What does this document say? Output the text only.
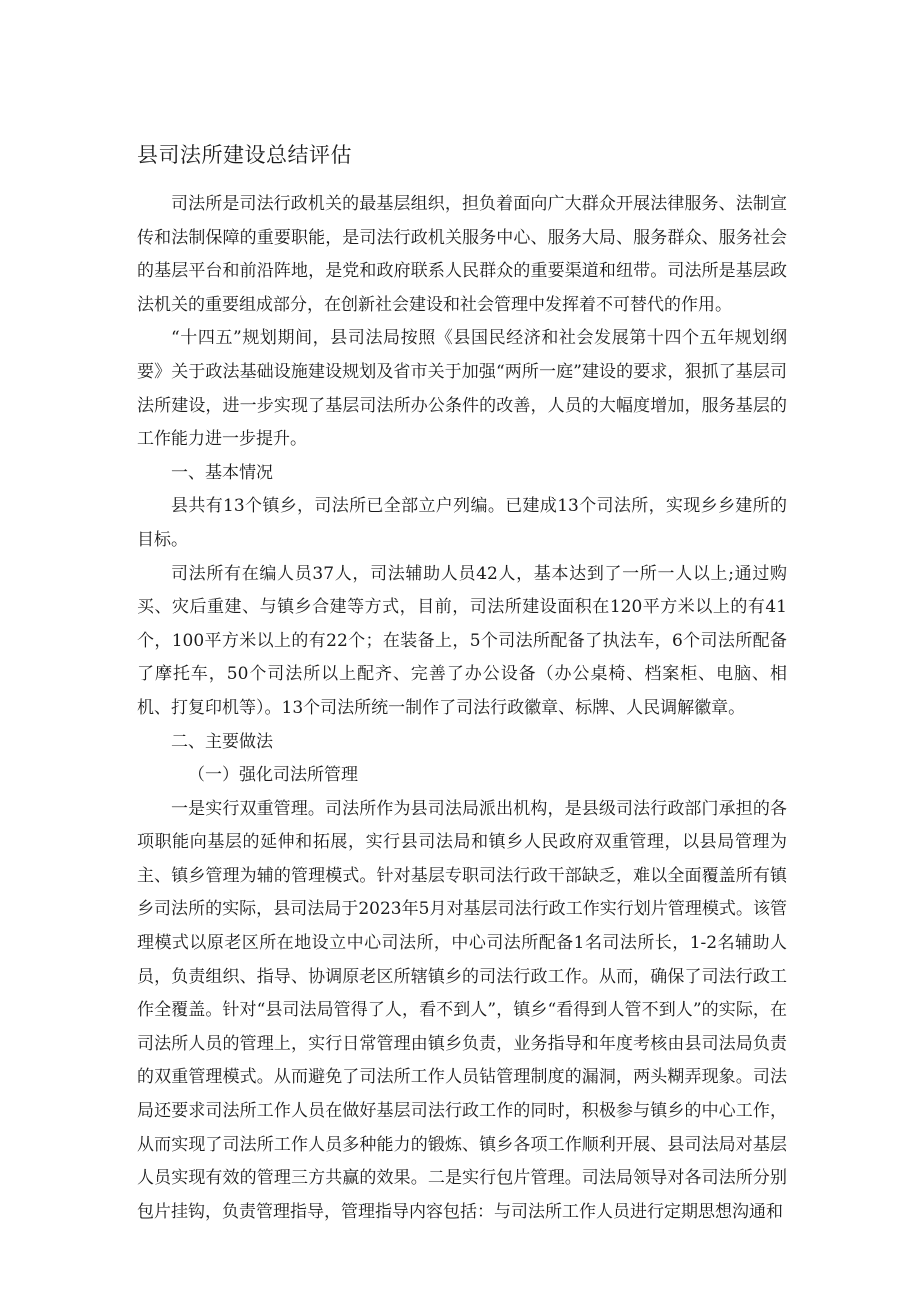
县司法所建设总结评估

司法所是司法行政机关的最基层组织，担负着面向广大群众开展法律服务、法制宣传和法制保障的重要职能，是司法行政机关服务中心、服务大局、服务群众、服务社会的基层平台和前沿阵地，是党和政府联系人民群众的重要渠道和纽带。司法所是基层政法机关的重要组成部分，在创新社会建设和社会管理中发挥着不可替代的作用。

“十四五”规划期间，县司法局按照《县国民经济和社会发展第十四个五年规划纲要》关于政法基础设施建设规划及省市关于加强“两所一庭”建设的要求，狠抓了基层司法所建设，进一步实现了基层司法所办公条件的改善，人员的大幅度增加，服务基层的工作能力进一步提升。

一、基本情况

县共有13个镇乡，司法所已全部立户列编。已建成13个司法所，实现乡乡建所的目标。

司法所有在编人员37人，司法辅助人员42人，基本达到了一所一人以上;通过购买、灾后重建、与镇乡合建等方式，目前，司法所建设面积在120平方米以上的有41个，100平方米以上的有22个；在装备上，5个司法所配备了执法车，6个司法所配备了摩托车，50个司法所以上配齐、完善了办公设备（办公桌椅、档案柜、电脑、相机、打复印机等）。13个司法所统一制作了司法行政徽章、标牌、人民调解徽章。

二、主要做法

（一）强化司法所管理

一是实行双重管理。司法所作为县司法局派出机构，是县级司法行政部门承担的各项职能向基层的延伸和拓展，实行县司法局和镇乡人民政府双重管理，以县局管理为主、镇乡管理为辅的管理模式。针对基层专职司法行政干部缺乏，难以全面覆盖所有镇乡司法所的实际，县司法局于2023年5月对基层司法行政工作实行划片管理模式。该管理模式以原老区所在地设立中心司法所，中心司法所配备1名司法所长，1-2名辅助人员，负责组织、指导、协调原老区所辖镇乡的司法行政工作。从而，确保了司法行政工作全覆盖。针对“县司法局管得了人，看不到人”，镇乡“看得到人管不到人”的实际，在司法所人员的管理上，实行日常管理由镇乡负责，业务指导和年度考核由县司法局负责的双重管理模式。从而避免了司法所工作人员钻管理制度的漏洞，两头糊弄现象。司法局还要求司法所工作人员在做好基层司法行政工作的同时，积极参与镇乡的中心工作，从而实现了司法所工作人员多种能力的锻炼、镇乡各项工作顺利开展、县司法局对基层人员实现有效的管理三方共赢的效果。二是实行包片管理。司法局领导对各司法所分别包片挂钩，负责管理指导，管理指导内容包括：与司法所工作人员进行定期思想沟通和
